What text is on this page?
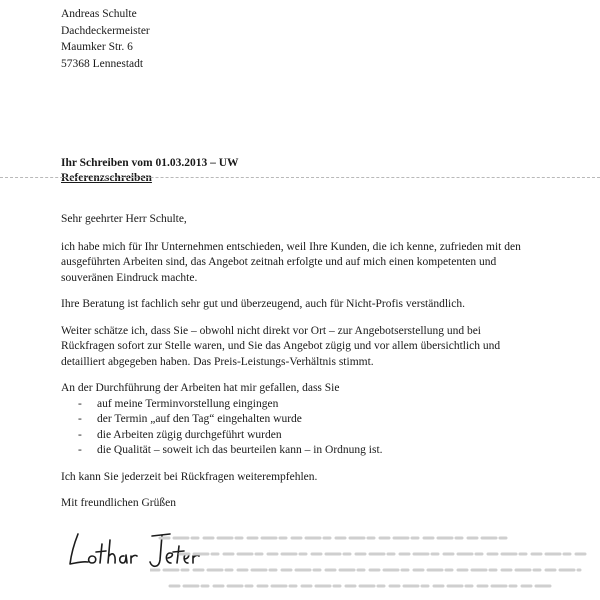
Andreas Schulte
Dachdeckermeister
Maumker Str. 6
57368 Lennestadt
Ihr Schreiben vom 01.03.2013 – UW
Referenzschreiben

Sehr geehrter Herr Schulte,

ich habe mich für Ihr Unternehmen entschieden, weil Ihre Kunden, die ich kenne, zufrieden mit den ausgeführten Arbeiten sind, das Angebot zeitnah erfolgte und auf mich einen kompetenten und souveränen Eindruck machte.

Ihre Beratung ist fachlich sehr gut und überzeugend, auch für Nicht-Profis verständlich.

Weiter schätze ich, dass Sie – obwohl nicht direkt vor Ort – zur Angebotserstellung und bei Rückfragen sofort zur Stelle waren, und Sie das Angebot zügig und vor allem übersichtlich und detailliert abgegeben haben. Das Preis-Leistungs-Verhältnis stimmt.

An der Durchführung der Arbeiten hat mir gefallen, dass Sie

- auf meine Terminvorstellung eingingen
- der Termin „auf den Tag“ eingehalten wurde
- die Arbeiten zügig durchgeführt wurden
- die Qualität – soweit ich das beurteilen kann – in Ordnung ist.

Ich kann Sie jederzeit bei Rückfragen weiterempfehlen.

Mit freundlichen Grüßen
